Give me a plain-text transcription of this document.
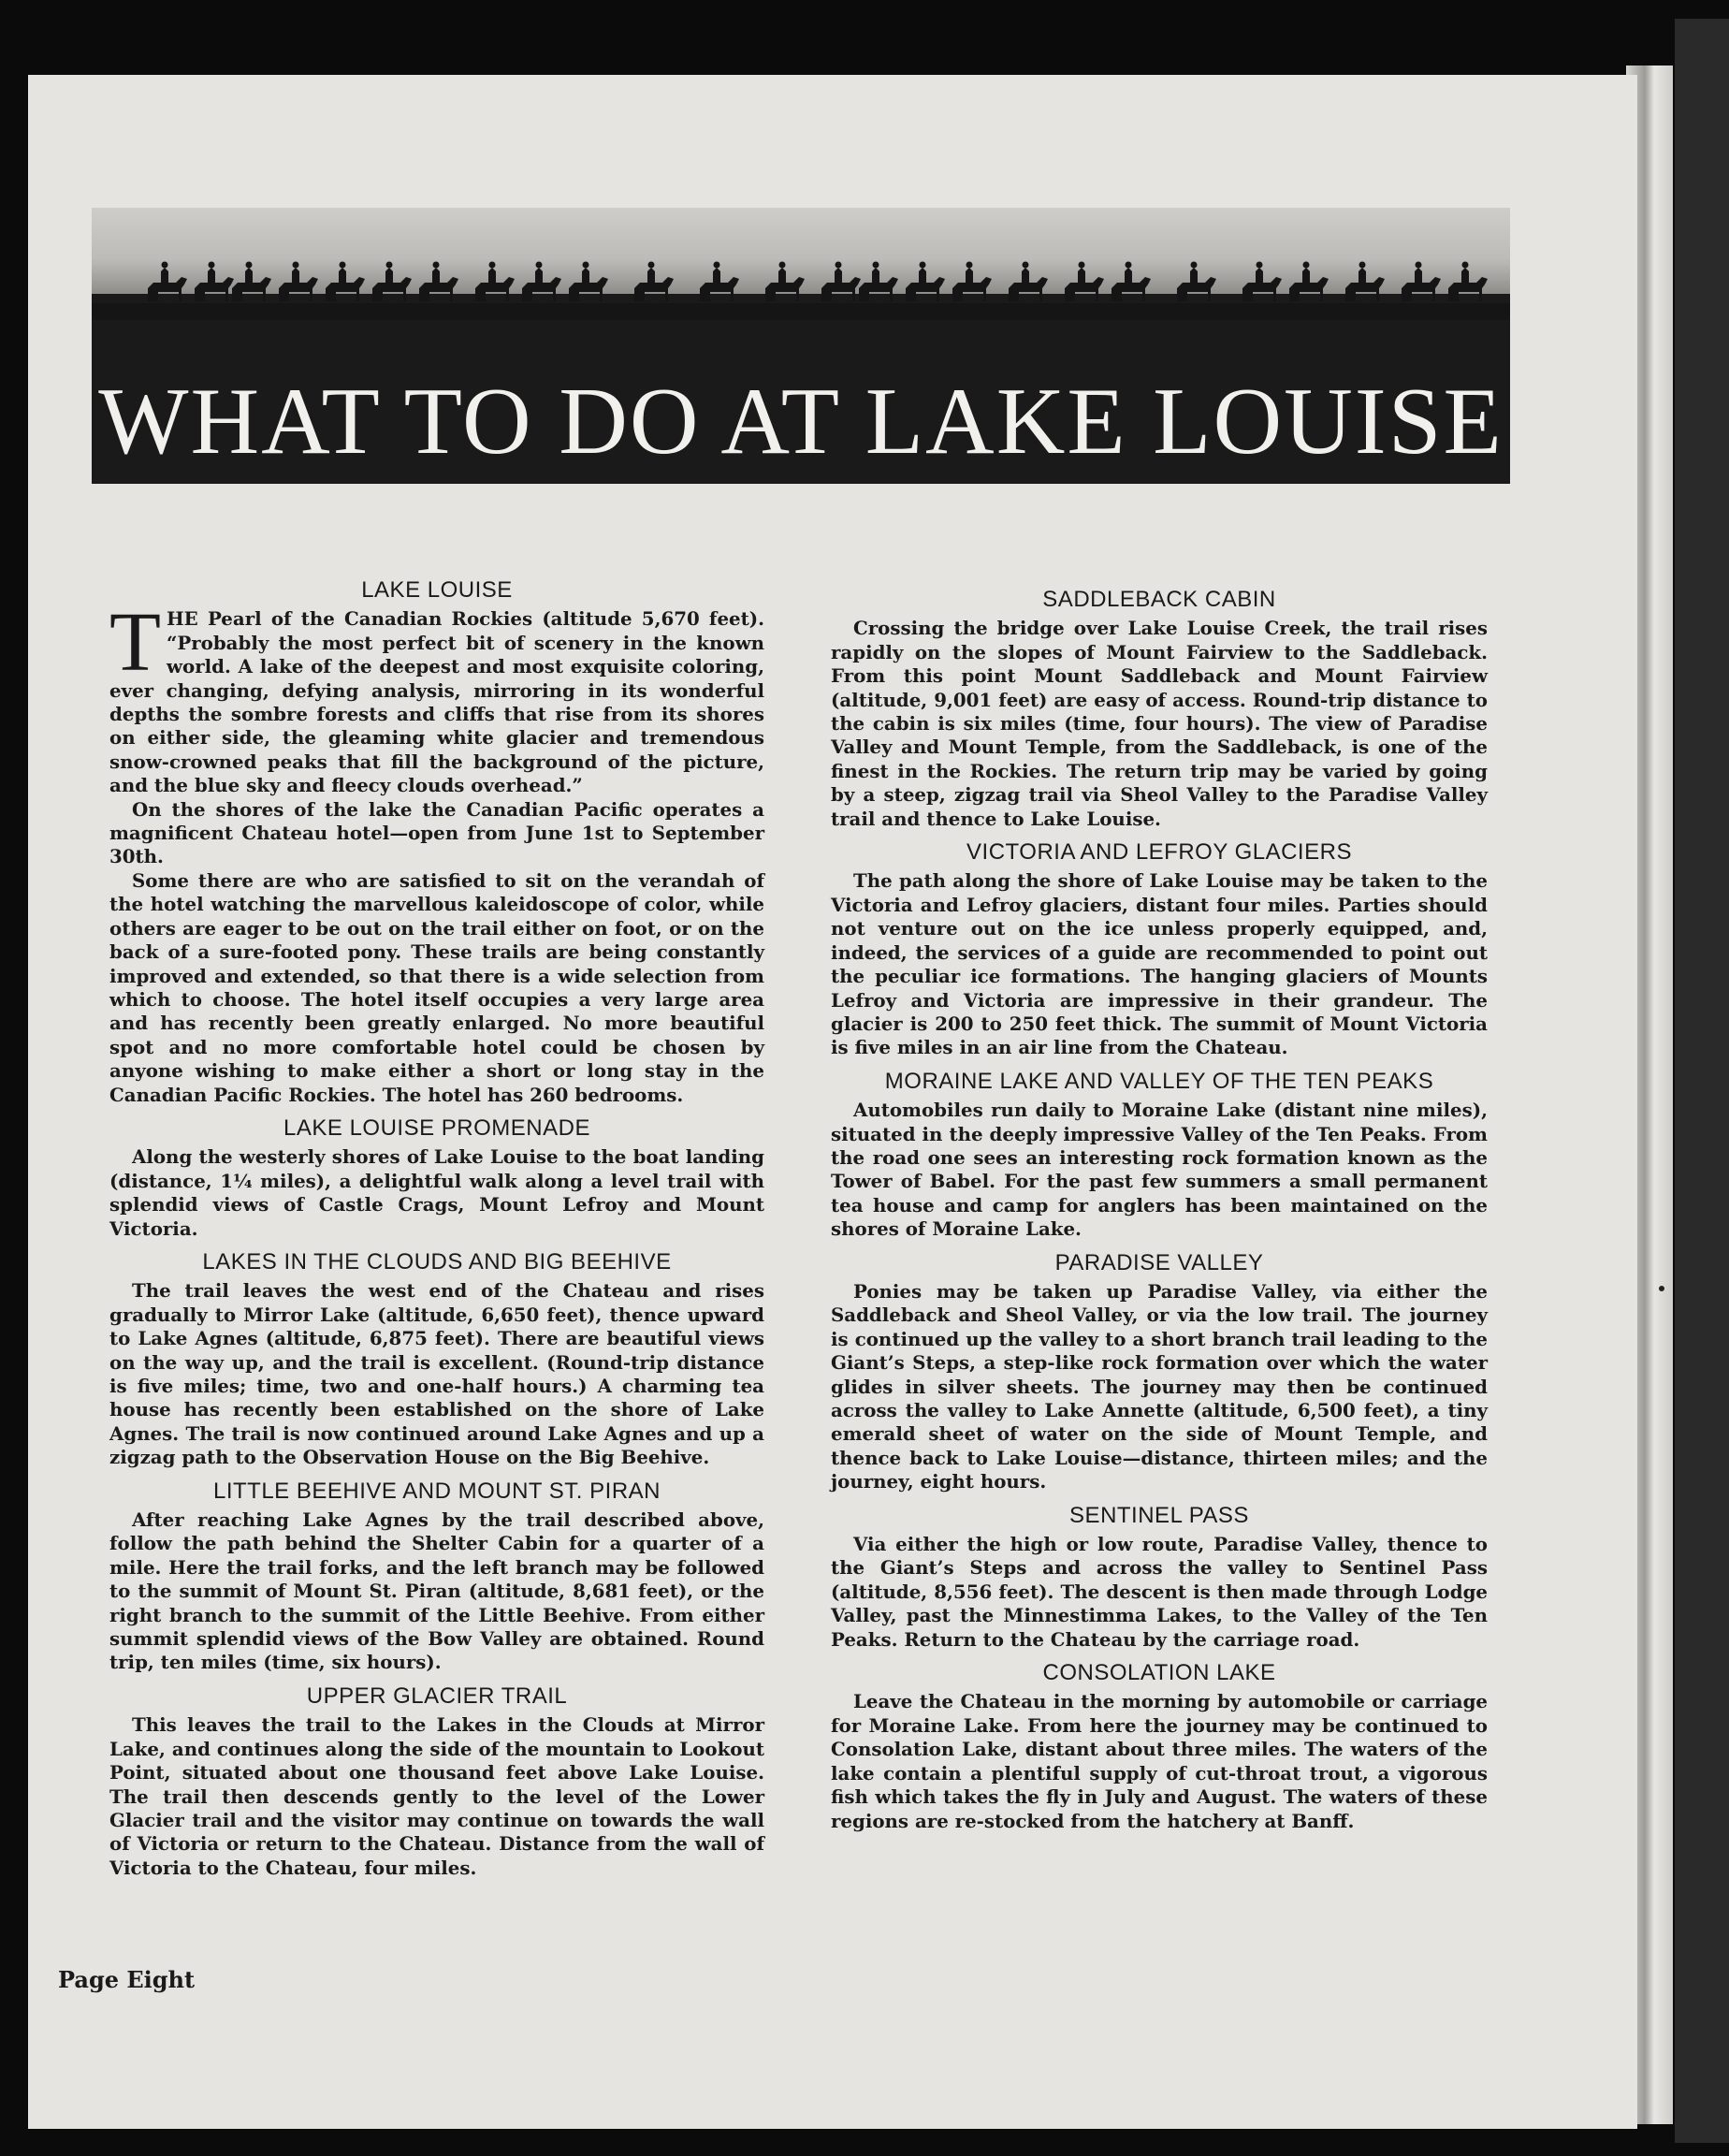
WHAT TO DO AT LAKE LOUISE
LAKE LOUISE

THE Pearl of the Canadian Rockies (altitude 5,670 feet). “Probably the most perfect bit of scenery in the known world. A lake of the deepest and most exquisite coloring, ever changing, defying analysis, mirroring in its wonderful depths the sombre forests and cliffs that rise from its shores on either side, the gleaming white glacier and tremendous snow-crowned peaks that fill the background of the picture, and the blue sky and fleecy clouds overhead.”

On the shores of the lake the Canadian Pacific operates a magnificent Chateau hotel—open from June 1st to September 30th.

Some there are who are satisfied to sit on the verandah of the hotel watching the marvellous kaleidoscope of color, while others are eager to be out on the trail either on foot, or on the back of a sure-footed pony. These trails are being constantly improved and extended, so that there is a wide selection from which to choose. The hotel itself occupies a very large area and has recently been greatly enlarged. No more beautiful spot and no more comfortable hotel could be chosen by anyone wishing to make either a short or long stay in the Canadian Pacific Rockies. The hotel has 260 bedrooms.

LAKE LOUISE PROMENADE

Along the westerly shores of Lake Louise to the boat landing (distance, 1¼ miles), a delightful walk along a level trail with splendid views of Castle Crags, Mount Lefroy and Mount Victoria.

LAKES IN THE CLOUDS AND BIG BEEHIVE

The trail leaves the west end of the Chateau and rises gradually to Mirror Lake (altitude, 6,650 feet), thence upward to Lake Agnes (altitude, 6,875 feet). There are beautiful views on the way up, and the trail is excellent. (Round-trip distance is five miles; time, two and one-half hours.) A charming tea house has recently been established on the shore of Lake Agnes. The trail is now continued around Lake Agnes and up a zigzag path to the Observation House on the Big Beehive.

LITTLE BEEHIVE AND MOUNT ST. PIRAN

After reaching Lake Agnes by the trail described above, follow the path behind the Shelter Cabin for a quarter of a mile. Here the trail forks, and the left branch may be followed to the summit of Mount St. Piran (altitude, 8,681 feet), or the right branch to the summit of the Little Beehive. From either summit splendid views of the Bow Valley are obtained. Round trip, ten miles (time, six hours).

UPPER GLACIER TRAIL

This leaves the trail to the Lakes in the Clouds at Mirror Lake, and continues along the side of the mountain to Lookout Point, situated about one thousand feet above Lake Louise. The trail then descends gently to the level of the Lower Glacier trail and the visitor may continue on towards the wall of Victoria or return to the Chateau. Distance from the wall of Victoria to the Chateau, four miles.

SADDLEBACK CABIN

Crossing the bridge over Lake Louise Creek, the trail rises rapidly on the slopes of Mount Fairview to the Saddleback. From this point Mount Saddleback and Mount Fairview (altitude, 9,001 feet) are easy of access. Round-trip distance to the cabin is six miles (time, four hours). The view of Paradise Valley and Mount Temple, from the Saddleback, is one of the finest in the Rockies. The return trip may be varied by going by a steep, zigzag trail via Sheol Valley to the Paradise Valley trail and thence to Lake Louise.

VICTORIA AND LEFROY GLACIERS

The path along the shore of Lake Louise may be taken to the Victoria and Lefroy glaciers, distant four miles. Parties should not venture out on the ice unless properly equipped, and, indeed, the services of a guide are recommended to point out the peculiar ice formations. The hanging glaciers of Mounts Lefroy and Victoria are impressive in their grandeur. The glacier is 200 to 250 feet thick. The summit of Mount Victoria is five miles in an air line from the Chateau.

MORAINE LAKE AND VALLEY OF THE TEN PEAKS

Automobiles run daily to Moraine Lake (distant nine miles), situated in the deeply impressive Valley of the Ten Peaks. From the road one sees an interesting rock formation known as the Tower of Babel. For the past few summers a small permanent tea house and camp for anglers has been maintained on the shores of Moraine Lake.

PARADISE VALLEY

Ponies may be taken up Paradise Valley, via either the Saddleback and Sheol Valley, or via the low trail. The journey is continued up the valley to a short branch trail leading to the Giant’s Steps, a step-like rock formation over which the water glides in silver sheets. The journey may then be continued across the valley to Lake Annette (altitude, 6,500 feet), a tiny emerald sheet of water on the side of Mount Temple, and thence back to Lake Louise—distance, thirteen miles; and the journey, eight hours.

SENTINEL PASS

Via either the high or low route, Paradise Valley, thence to the Giant’s Steps and across the valley to Sentinel Pass (altitude, 8,556 feet). The descent is then made through Lodge Valley, past the Minnestimma Lakes, to the Valley of the Ten Peaks. Return to the Chateau by the carriage road.

CONSOLATION LAKE

Leave the Chateau in the morning by automobile or carriage for Moraine Lake. From here the journey may be continued to Consolation Lake, distant about three miles. The waters of the lake contain a plentiful supply of cut-throat trout, a vigorous fish which takes the fly in July and August. The waters of these regions are re-stocked from the hatchery at Banff.

Page Eight
